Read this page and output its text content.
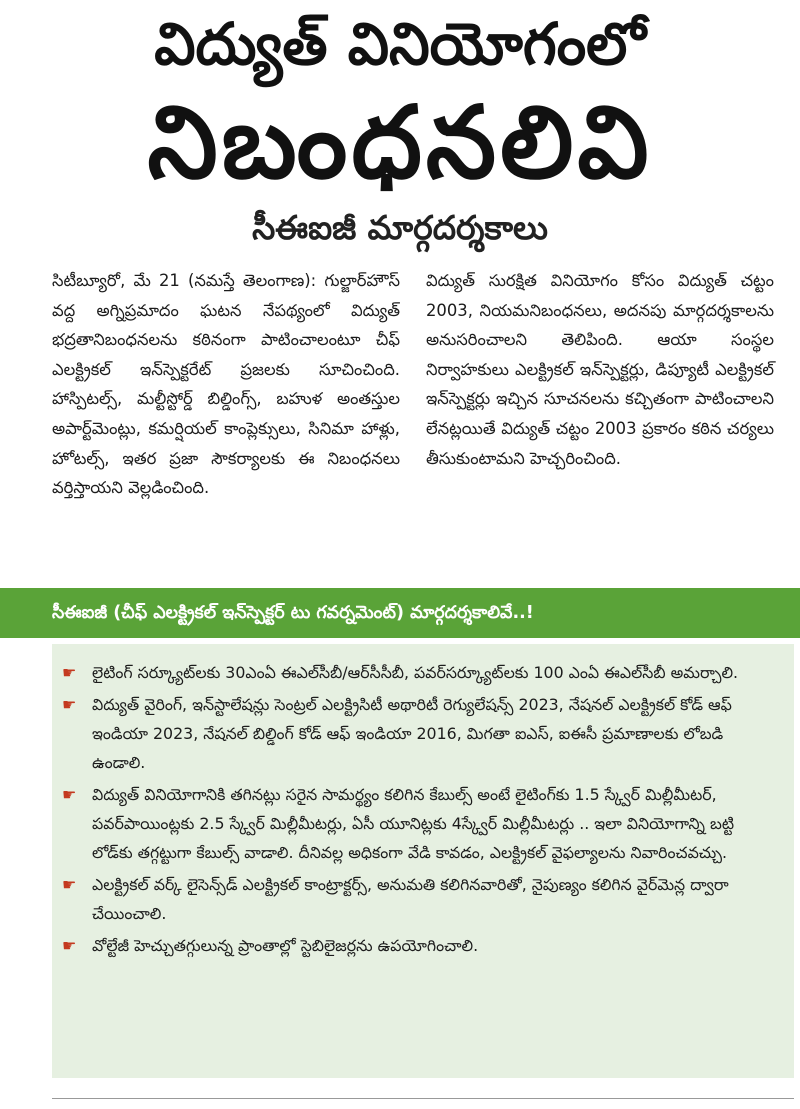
విద్యుత్ వినియోగంలో
నిబంధనలివి
సీఈఐజీ మార్గదర్శకాలు
సిటీబ్యూరో, మే 21 (నమస్తే తెలంగాణ): గుల్జార్‌హౌస్ వద్ద అగ్నిప్రమాదం ఘటన నేపథ్యంలో విద్యుత్ భద్రతానిబంధనలను కఠినంగా పాటించాలంటూ చీఫ్ ఎలక్ట్రికల్ ఇన్‌స్పెక్టరేట్ ప్రజలకు సూచించింది. హాస్పిటల్స్, మల్టీస్టోర్డ్ బిల్డింగ్స్, బహుళ అంతస్తుల అపార్ట్‌మెంట్లు, కమర్షియల్ కాంప్లెక్సులు, సినిమా హాళ్లు, హోటల్స్, ఇతర ప్రజా సౌకర్యాలకు ఈ నిబంధనలు వర్తిస్తాయని వెల్లడించింది.
విద్యుత్ సురక్షిత వినియోగం కోసం విద్యుత్ చట్టం 2003, నియమనిబంధనలు, అదనపు మార్గదర్శకాలను అనుసరించాలని తెలిపింది. ఆయా సంస్థల నిర్వాహకులు ఎలక్ట్రికల్ ఇన్‌స్పెక్టర్లు, డిప్యూటీ ఎలక్ట్రికల్ ఇన్‌స్పెక్టర్లు ఇచ్చిన సూచనలను కచ్చితంగా పాటించాలని లేనట్లయితే విద్యుత్ చట్టం 2003 ప్రకారం కఠిన చర్యలు తీసుకుంటామని హెచ్చరించింది.
సీఈఐజీ (చీఫ్ ఎలక్ట్రికల్ ఇన్‌స్పెక్టర్ టు గవర్నమెంట్) మార్గదర్శకాలివే..!
☛ లైటింగ్ సర్క్యూట్‌లకు 30ఎంఏ ఈఎల్‌సీబీ/ఆర్‌సీసీబీ, పవర్‌సర్క్యూట్‌లకు 100 ఎంఏ ఈఎల్‌సీబీ అమర్చాలి.
☛ విద్యుత్ వైరింగ్, ఇన్‌స్టాలేషన్లు సెంట్రల్ ఎలక్ట్రిసిటీ అథారిటీ రెగ్యులేషన్స్ 2023, నేషనల్ ఎలక్ట్రికల్ కోడ్ ఆఫ్ ఇండియా 2023, నేషనల్ బిల్డింగ్ కోడ్ ఆఫ్ ఇండియా 2016, మిగతా ఐఎస్, ఐఈసీ ప్రమాణాలకు లోబడి ఉండాలి.
☛ విద్యుత్ వినియోగానికి తగినట్లు సరైన సామర్థ్యం కలిగిన కేబుల్స్ అంటే లైటింగ్‌కు 1.5 స్క్వేర్ మిల్లీమీటర్, పవర్‌పాయింట్లకు 2.5 స్క్వేర్ మిల్లీమీటర్లు, ఏసీ యూనిట్లకు 4స్క్వేర్ మిల్లీమీటర్లు .. ఇలా వినియోగాన్ని బట్టి లోడ్‌కు తగ్గట్టుగా కేబుల్స్ వాడాలి. దీనివల్ల అధికంగా వేడి కావడం, ఎలక్ట్రికల్ వైఫల్యాలను నివారించవచ్చు.
☛ ఎలక్ట్రికల్ వర్క్ లైసెన్స్‌డ్ ఎలక్ట్రికల్ కాంట్రాక్టర్స్, అనుమతి కలిగినవారితో, నైపుణ్యం కలిగిన వైర్‌మెన్ల ద్వారా చేయించాలి.
☛ వోల్టేజీ హెచ్చుతగ్గులున్న ప్రాంతాల్లో స్టెబిలైజర్లను ఉపయోగించాలి.
